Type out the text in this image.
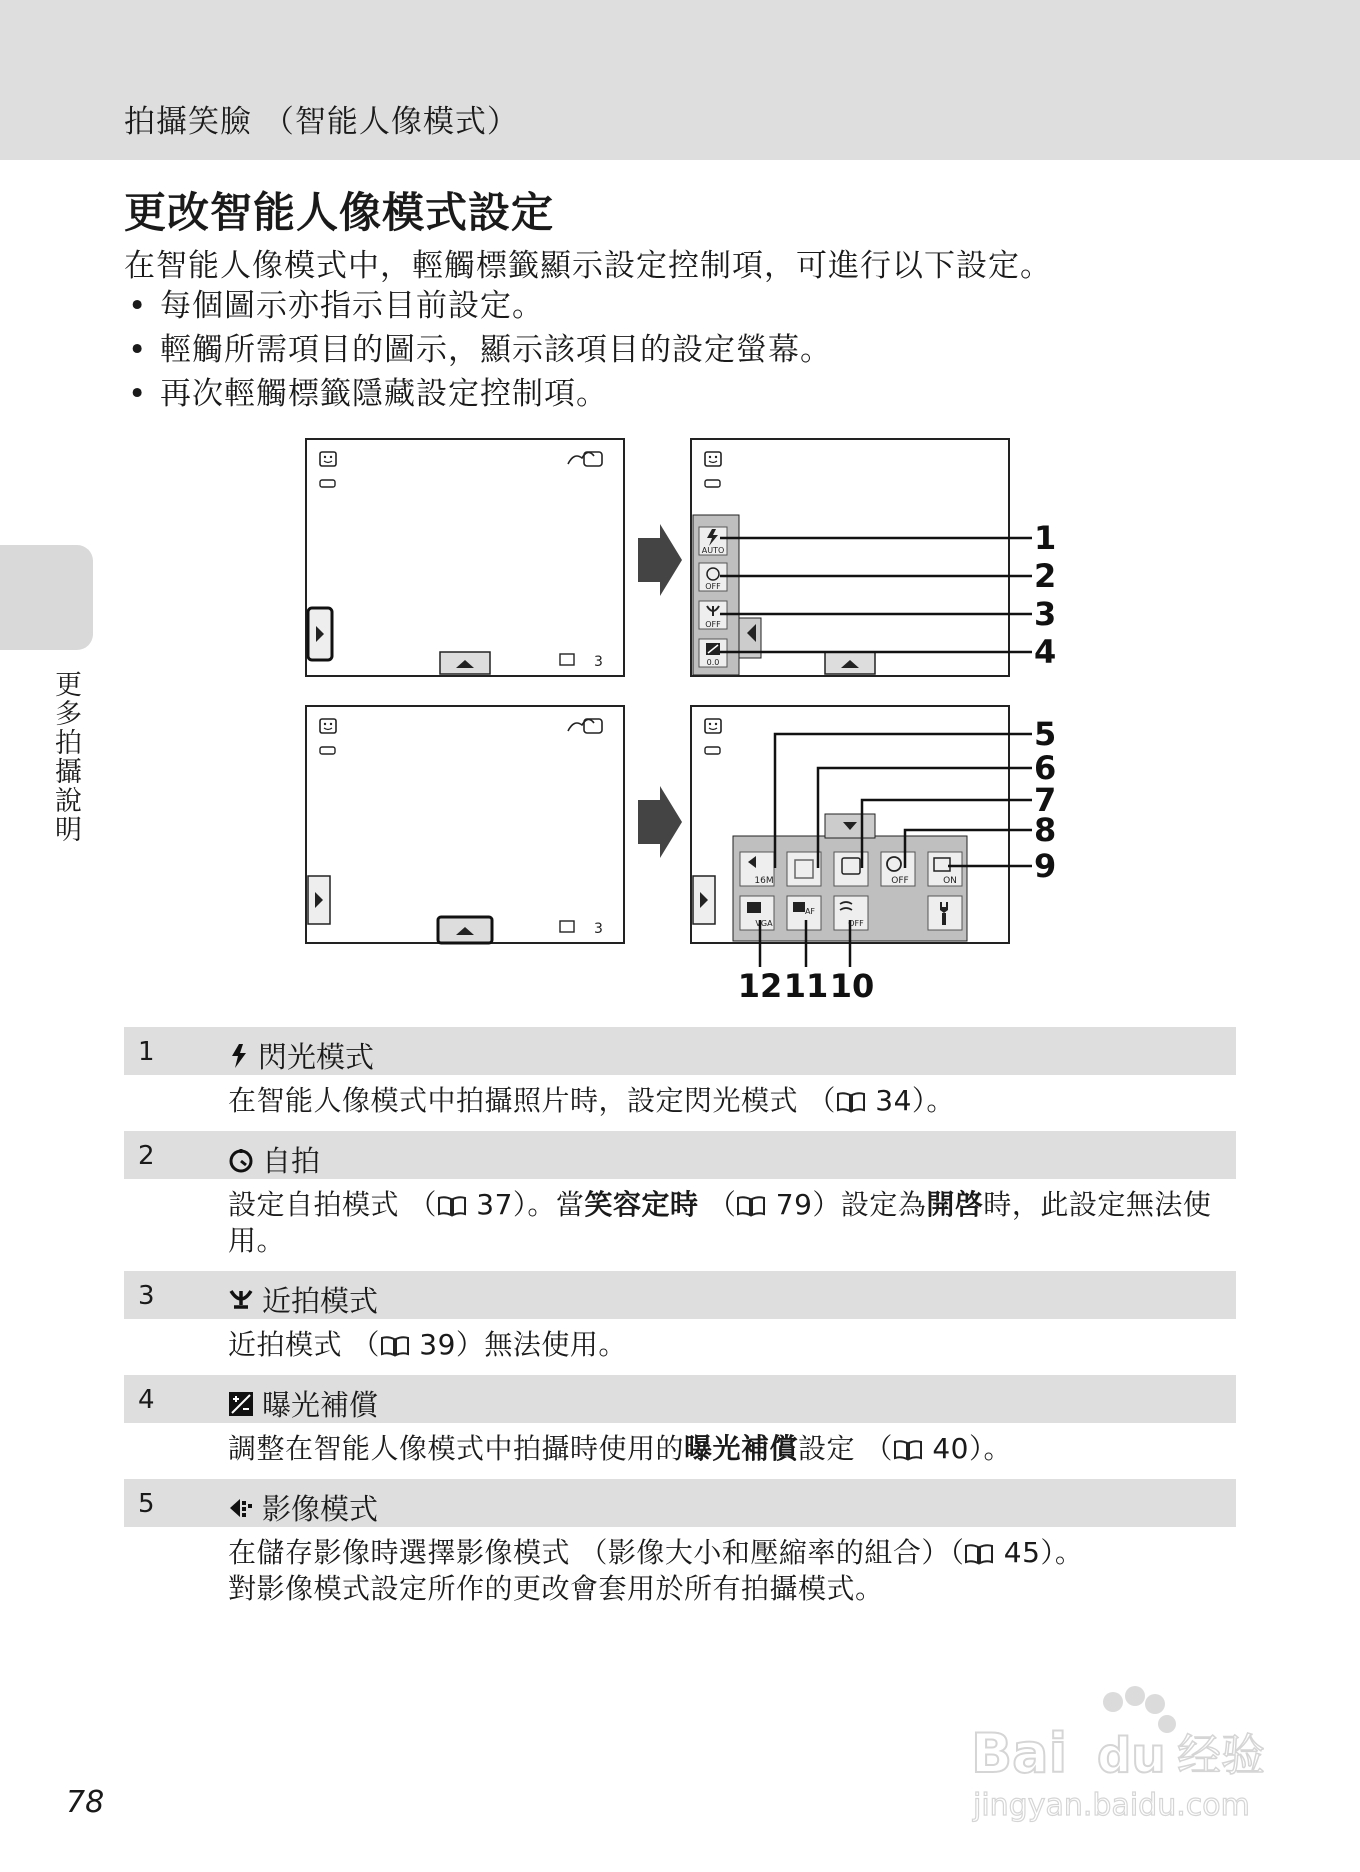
拍攝笑臉 （智能人像模式）
更多拍攝說明
更改智能人像模式設定
在智能人像模式中，輕觸標籤顯示設定控制項，可進行以下設定。
• 每個圖示亦指示目前設定。
• 輕觸所需項目的圖示，顯示該項目的設定螢幕。
• 再次輕觸標籤隱藏設定控制項。
3
AUTO
OFF
OFF
0.0
1
2
3
4
3
16M	OFF	ON
VGA
AF
OFF
5
6
7
8
9
12 11 10
1	閃光模式

在智能人像模式中拍攝照片時，設定閃光模式 （ 34）。

2	自拍

設定自拍模式 （ 37）。當笑容定時 （ 79）設定為開啓時，此設定無法使用。

3	近拍模式

近拍模式 （ 39）無法使用。

4	曝光補償

調整在智能人像模式中拍攝時使用的曝光補償設定 （ 40）。

5	影像模式

在儲存影像時選擇影像模式 （影像大小和壓縮率的組合）（ 45）。

對影像模式設定所作的更改會套用於所有拍攝模式。

78
Bai du 经验
jingyan.baidu.com
